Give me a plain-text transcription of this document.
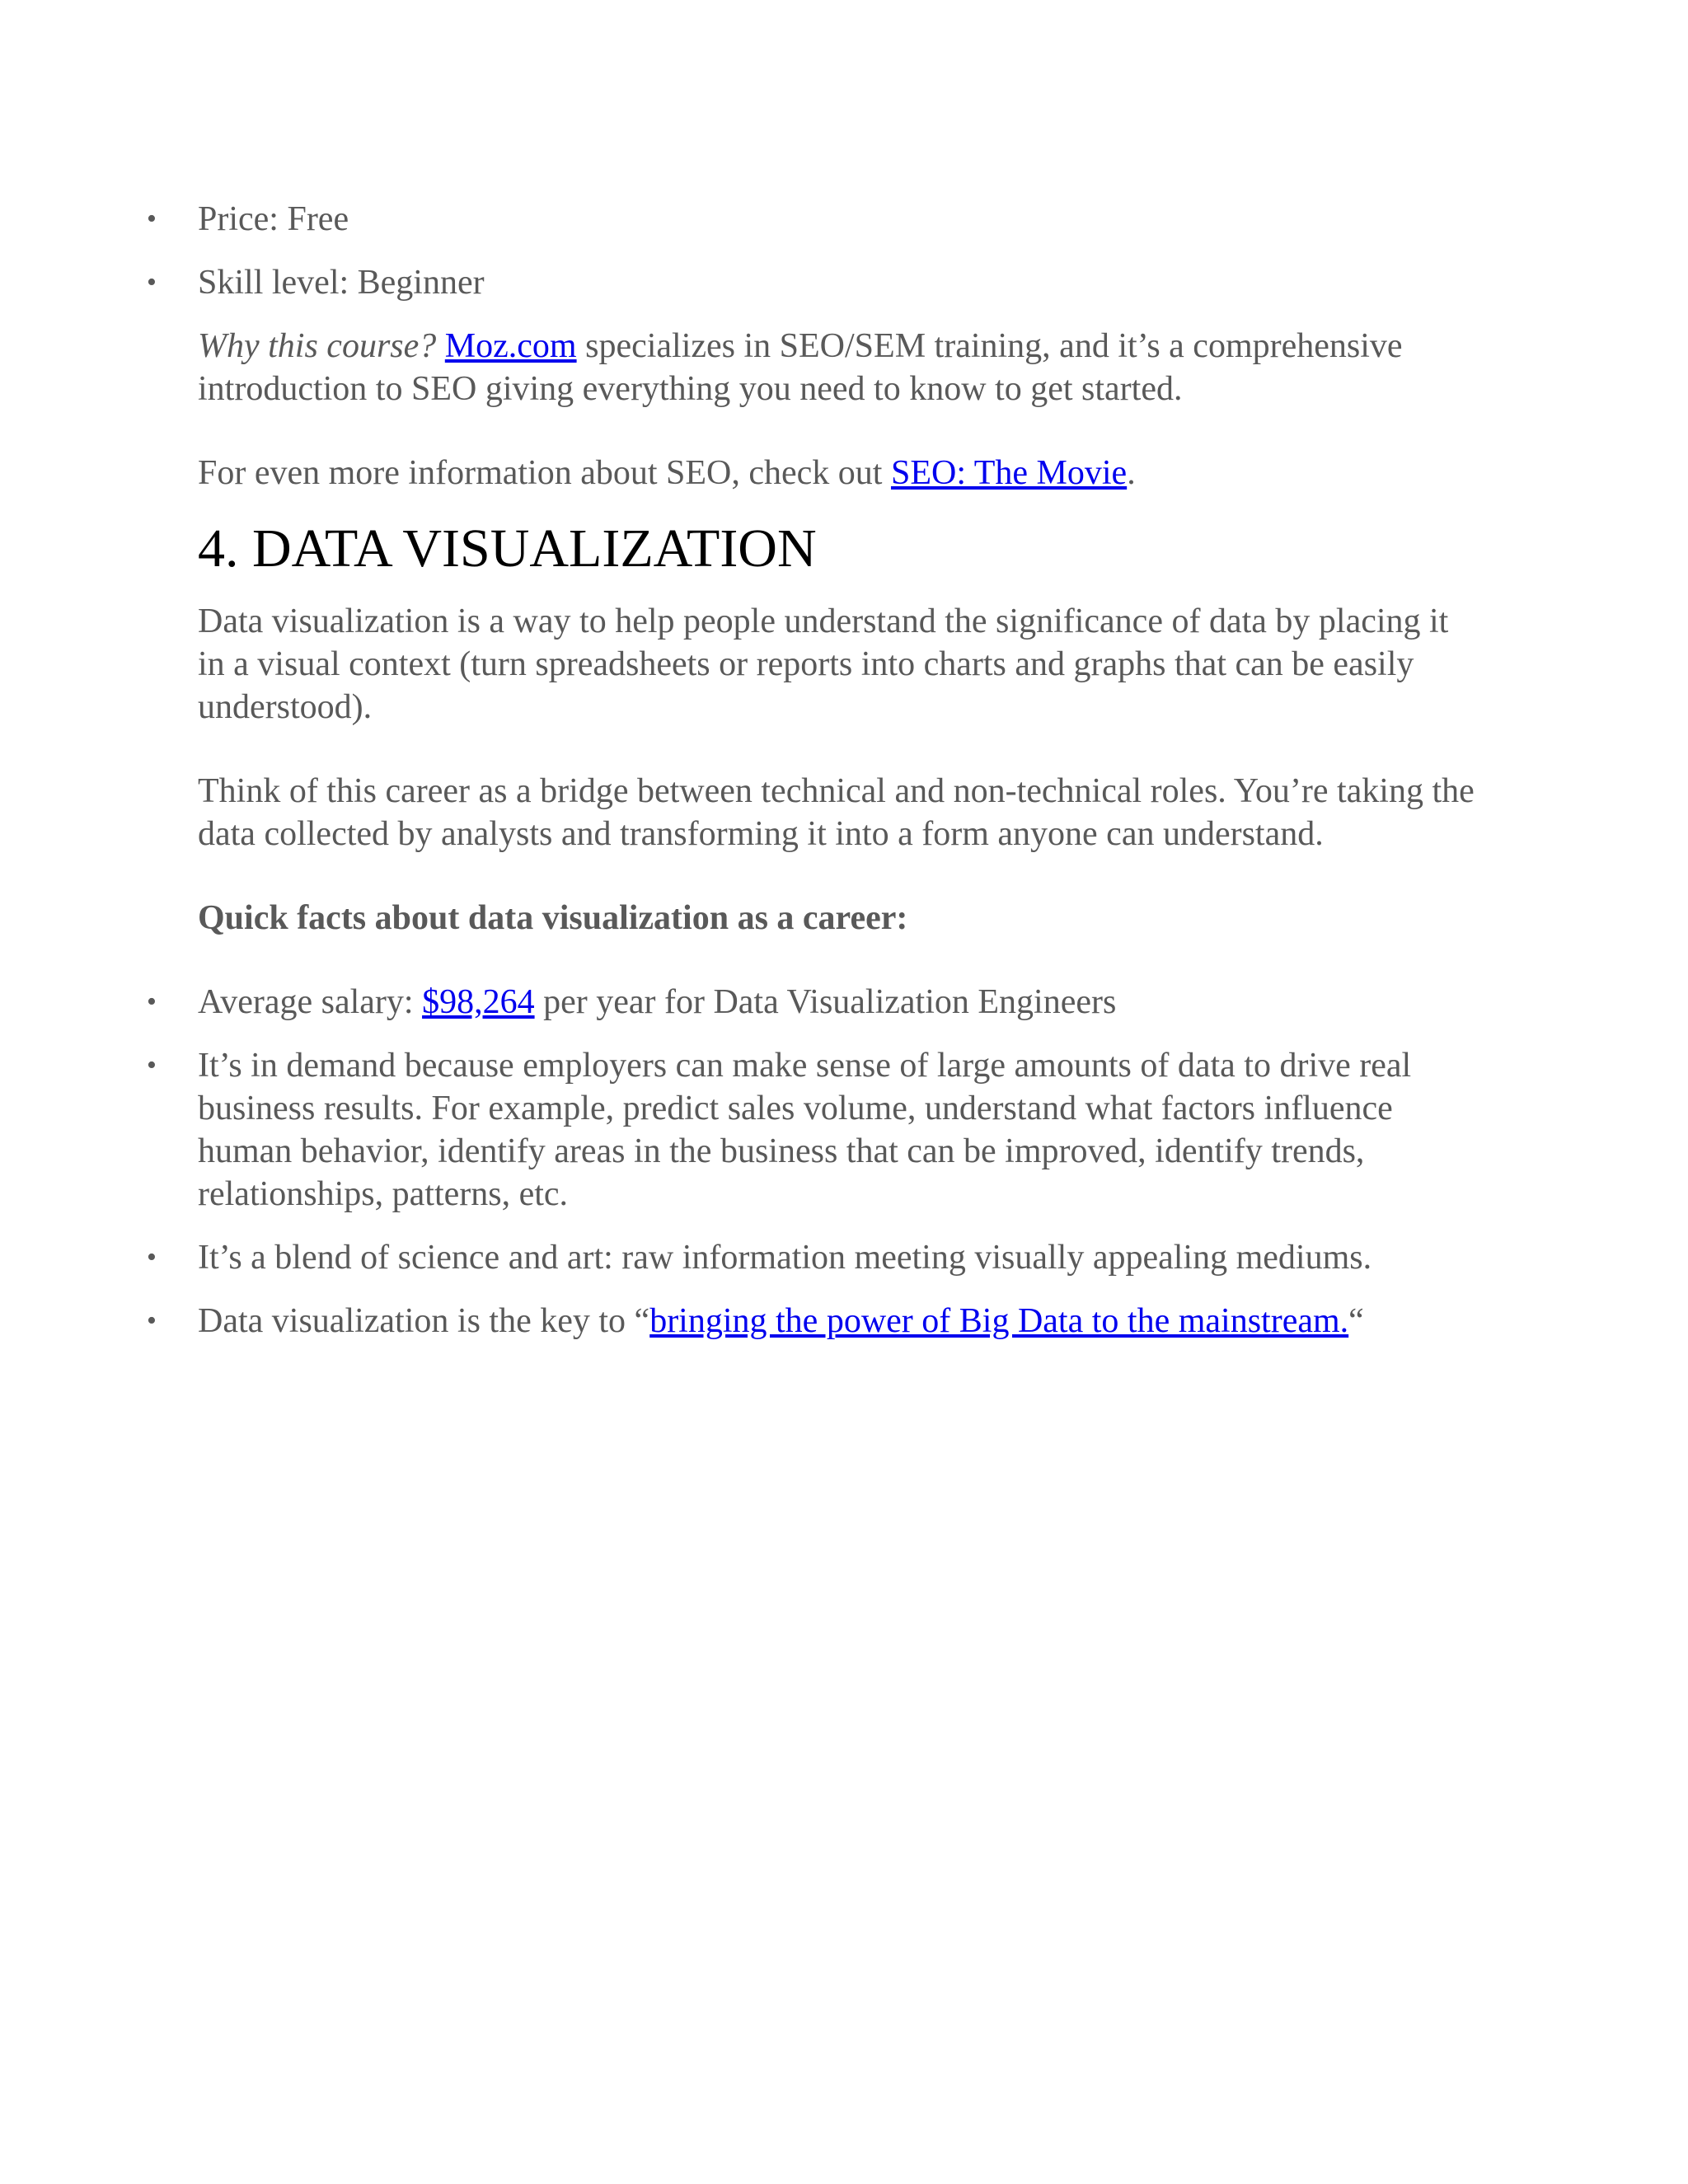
• Price: Free
• Skill level: Beginner

Why this course? Moz.com specializes in SEO/SEM training, and it’s a comprehensive introduction to SEO giving everything you need to know to get started.

For even more information about SEO, check out SEO: The Movie.

4. DATA VISUALIZATION

Data visualization is a way to help people understand the significance of data by placing it in a visual context (turn spreadsheets or reports into charts and graphs that can be easily understood).

Think of this career as a bridge between technical and non-technical roles. You’re taking the data collected by analysts and transforming it into a form anyone can understand.

Quick facts about data visualization as a career:

• Average salary: $98,264 per year for Data Visualization Engineers
• It’s in demand because employers can make sense of large amounts of data to drive real business results. For example, predict sales volume, understand what factors influence human behavior, identify areas in the business that can be improved, identify trends, relationships, patterns, etc.
• It’s a blend of science and art: raw information meeting visually appealing mediums.
• Data visualization is the key to “bringing the power of Big Data to the mainstream.“
